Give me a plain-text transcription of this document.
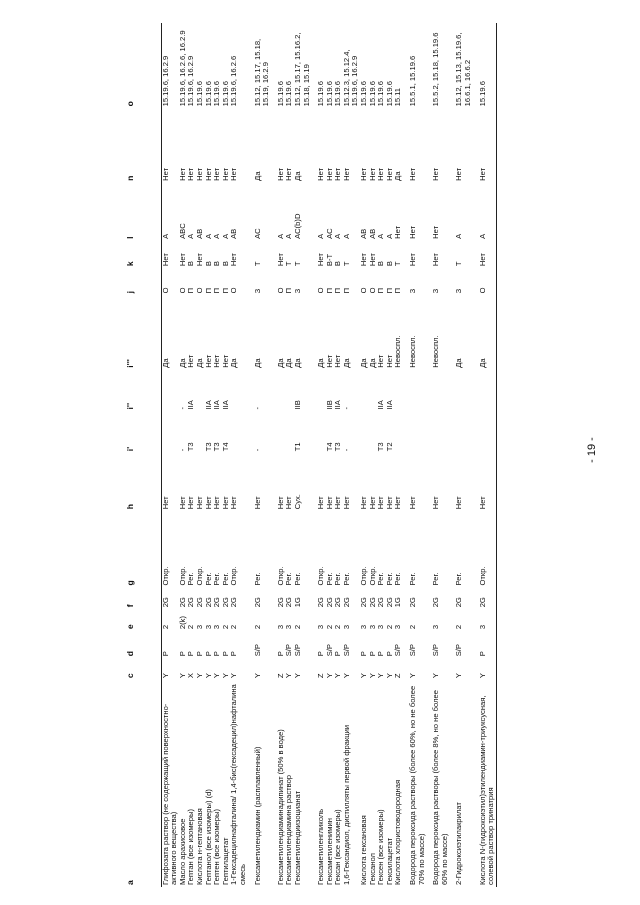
- 19 -
a	c	d	e	f	g	h	i'	i''	i'''	j	k	l	n	o
Глифозата раствор (не содержащий поверхностно-активного вещества)	Y	P	2	2G	Откр.	Нет			Да	О	Нет	А	Нет	15.19.6, 16.2.9
Масло арахисовое	Y	P	2(k)	2G	Откр.	Нет	-	-	Да	О	Нет	ABC	Нет	15.19.6, 16.2.6, 16.2.9
Гептан (все изомеры)	X	P	2	2G	Рег.	Нет	T3	IIA	Нет	П	B	A	Нет	15.19.6, 16.2.9
Кислота н-гептановая	Y	P	3	2G	Откр.	Нет			Да	О	Нет	AB	Нет	15.19.6
Гептанол (все изомеры) (d)	Y	P	3	2G	Рег.	Нет	T3	IIA	Нет	П	B	A	Нет	15.19.6
Гептен (все изомеры)	Y	P	3	2G	Рег.	Нет	T3	IIA	Нет	П	B	A	Нет	15.19.6
Гептилацетат	Y	P	2	2G	Рег.	Нет	T4	IIA	Нет	П	B	A	Нет	15.19.6
1-Гексадецилнафталина/ 1,4-бис(гексадецил)нафталина смесь	Y	P	2	2G	Откр.	Нет			Да	О	Нет	AB	Нет	15.19.6, 16.2.6
Гексаметилендиамин (расплавленный)	Y	S/P	2	2G	Рег.	Нет	-	-	Да	З	T	AC	Да	15.12, 15.17, 15.18, 15.19, 16.2.9
Гексаметилендиаминадипинат (50% в воде)	Z	P	3	2G	Откр.	Нет			Да	О	Нет	А	Нет	15.19.6
Гексаметилендиамина раствор	Y	S/P	3	2G	Рег.	Нет			Да	П	T	A	Нет	15.19.6
Гексаметилендиизоцианат	Y	S/P	2	1G	Рег.	Сух.	T1	IIB	Да	З	T	AC(b)D	Да	15.12, 15.17, 15.16.2, 15.18, 15.19
Гексаметиленгликоль	Z	P	3	2G	Откр.	Нет			Да	О	Нет	A	Нет	15.19.6
Гексаметиленимин	Y	S/P	2	2G	Рег.	Нет	T4	IIB	Нет	П	B-T	AC	Нет	15.19.6
Гексан (все изомеры)	Y	P	2	2G	Рег.	Нет	T3	IIA	Нет	П	B	A	Нет	15.19.6
1,6-Гександиол, дистилляты первой фракции	Y	S/P	3	2G	Рег.	Нет	-	-	Да	П	T	A	Нет	15.12.3, 15.12.4, 15.19.6, 16.2.9
Кислота гексановая	Y	P	3	2G	Откр.	Нет			Да	О	Нет	AB	Нет	15.19.6
Гексанол	Y	P	3	2G	Откр.	Нет			Да	О	Нет	AB	Нет	15.19.6
Гексен (все изомеры)	Y	P	3	2G	Рег.	Нет	T3	IIA	Нет	П	B	A	Нет	15.19.6
Гексилацетат	Y	P	2	2G	Рег.	Нет	T2	IIA	Нет	П	B	A	Нет	15.19.6
Кислота хлористоводородная	Z	S/P	3	1G	Рег.	Нет			Невоспл.	П	T	Нет	Да	15.11
Водорода пероксида растворы (более 60%, но не более 70% по массе)	Y	S/P	2	2G	Рег.	Нет			Невоспл.	З	Нет	Нет	Нет	15.5.1, 15.19.6
Водорода пероксида растворы (более 8%, но не более 60% по массе)	Y	S/P	3	2G	Рег.	Нет			Невоспл.	З	Нет	Нет	Нет	15.5.2, 15.18, 15.19.6
2-Гидроксиэтилакрилат	Y	S/P	2	2G	Рег.	Нет			Да	З	T	A	Нет	15.12, 15.13, 15.19.6, 16.6.1, 16.6.2
Кислота N-(гидроксиэтил)этилендиамин-триуксусная, солевой раствор тринатрия	Y	P	3	2G	Откр.	Нет			Да	О	Нет	A	Нет	15.19.6
